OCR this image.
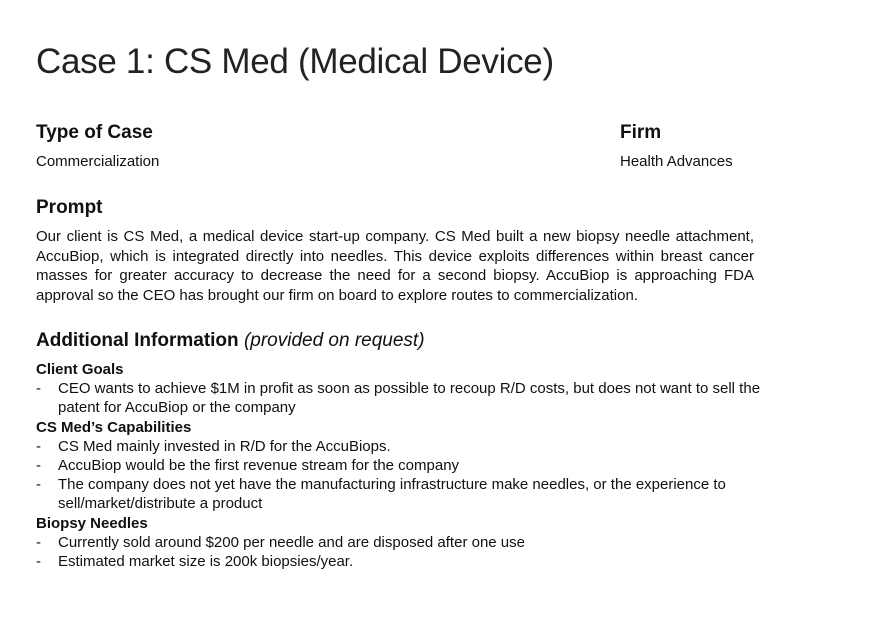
Case 1: CS Med (Medical Device)
Type of Case
Commercialization
Firm
Health Advances
Prompt
Our client is CS Med, a medical device start-up company. CS Med built a new biopsy needle attachment, AccuBiop, which is integrated directly into needles. This device exploits differences within breast cancer masses for greater accuracy to decrease the need for a second biopsy. AccuBiop is approaching FDA approval so the CEO has brought our firm on board to explore routes to commercialization.
Additional Information (provided on request)
Client Goals
- CEO wants to achieve $1M in profit as soon as possible to recoup R/D costs, but does not want to sell the patent for AccuBiop or the company
CS Med’s Capabilities
- CS Med mainly invested in R/D for the AccuBiops.
- AccuBiop would be the first revenue stream for the company
- The company does not yet have the manufacturing infrastructure make needles, or the experience to sell/market/distribute a product
Biopsy Needles
- Currently sold around $200 per needle and are disposed after one use
- Estimated market size is 200k biopsies/year.
